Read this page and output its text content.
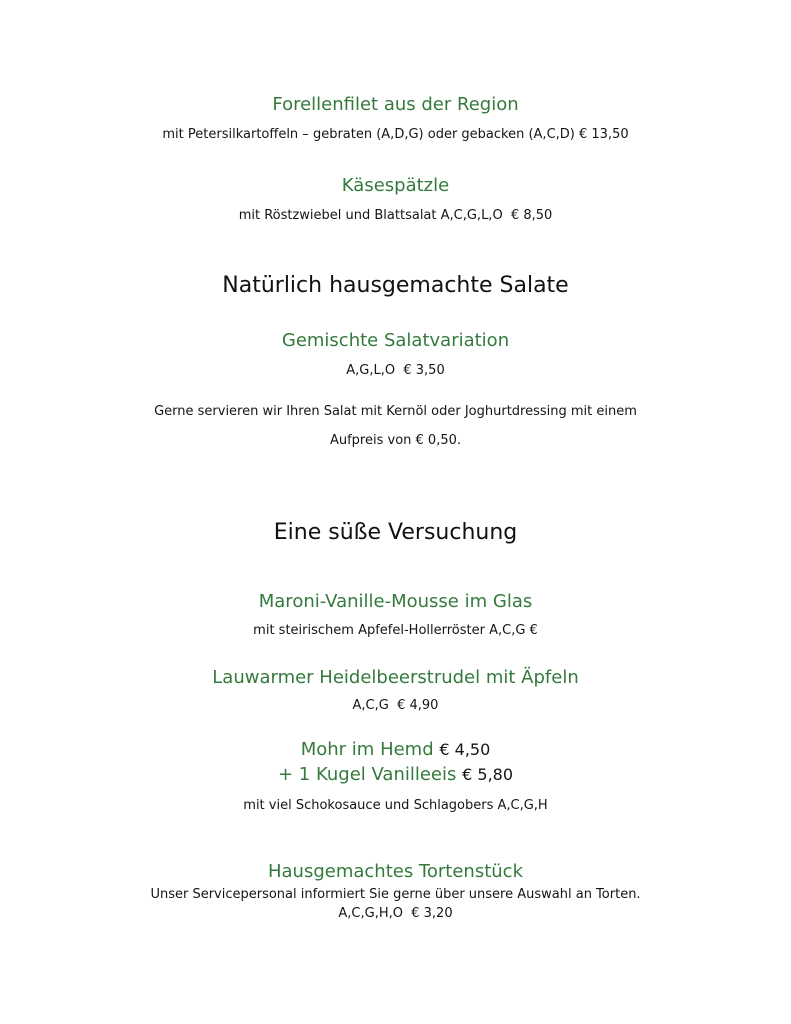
Forellenfilet aus der Region
mit Petersilkartoffeln – gebraten (A,D,G) oder gebacken (A,C,D) € 13,50
Käsespätzle
mit Röstzwiebel und Blattsalat A,C,G,L,O  € 8,50
Natürlich hausgemachte Salate
Gemischte Salatvariation
A,G,L,O  € 3,50
Gerne servieren wir Ihren Salat mit Kernöl oder Joghurtdressing mit einem
Aufpreis von € 0,50.
Eine süße Versuchung
Maroni-Vanille-Mousse im Glas
mit steirischem Apfefel-Hollerröster A,C,G €
Lauwarmer Heidelbeerstrudel mit Äpfeln
A,C,G  € 4,90
Mohr im Hemd € 4,50
+ 1 Kugel Vanilleeis € 5,80
mit viel Schokosauce und Schlagobers A,C,G,H
Hausgemachtes Tortenstück
Unser Servicepersonal informiert Sie gerne über unsere Auswahl an Torten.
A,C,G,H,O  € 3,20
